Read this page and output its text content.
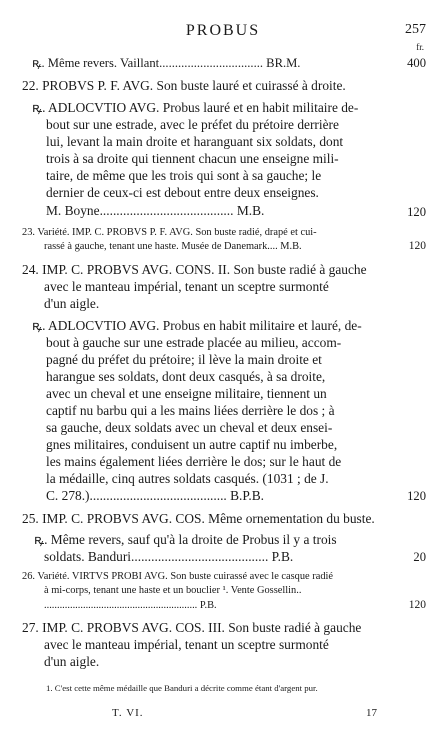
PROBUS	257
fr.
ꝶ. Même revers. Vaillant................................. BR.M.	400
22. PROBVS P. F. AVG. Son buste lauré et cuirassé à droite.
ꝶ. ADLOCVTIO AVG. Probus lauré et en habit militaire de-
bout sur une estrade, avec le préfet du prétoire derrière
lui, levant la main droite et haranguant six soldats, dont
trois à sa droite qui tiennent chacun une enseigne mili-
taire, de même que les trois qui sont à sa gauche; le
dernier de ceux-ci est debout entre deux enseignes.
M. Boyne........................................ M.B.	120
23. Variété. IMP. C. PROBVS P. F. AVG. Son buste radié, drapé et cui-
rassé à gauche, tenant une haste. Musée de Danemark.... M.B.	120
24. IMP. C. PROBVS AVG. CONS. II. Son buste radié à gauche
avec le manteau impérial, tenant un sceptre surmonté
d'un aigle.
ꝶ. ADLOCVTIO AVG. Probus en habit militaire et lauré, de-
bout à gauche sur une estrade placée au milieu, accom-
pagné du préfet du prétoire; il lève la main droite et
harangue ses soldats, dont deux casqués, à sa droite,
avec un cheval et une enseigne militaire, tiennent un
captif nu barbu qui a les mains liées derrière le dos ; à
sa gauche, deux soldats avec un cheval et deux ensei-
gnes militaires, conduisent un autre captif nu imberbe,
les mains également liées derrière le dos; sur le haut de
la médaille, cinq autres soldats casqués. (1031 ; de J.
C. 278.)......................................... B.P.B.	120
25. IMP. C. PROBVS AVG. COS. Même ornementation du buste.
ꝶ. Même revers, sauf qu'à la droite de Probus il y a trois
soldats. Banduri......................................... P.B.	20
26. Variété. VIRTVS PROBI AVG. Son buste cuirassé avec le casque radié
à mi-corps, tenant une haste et un bouclier ¹. Vente Gossellin..
........................................................... P.B.	120
27. IMP. C. PROBVS AVG. COS. III. Son buste radié à gauche
avec le manteau impérial, tenant un sceptre surmonté
d'un aigle.
1. C'est cette même médaille que Banduri a décrite comme étant d'argent pur.
T. VI.	17
